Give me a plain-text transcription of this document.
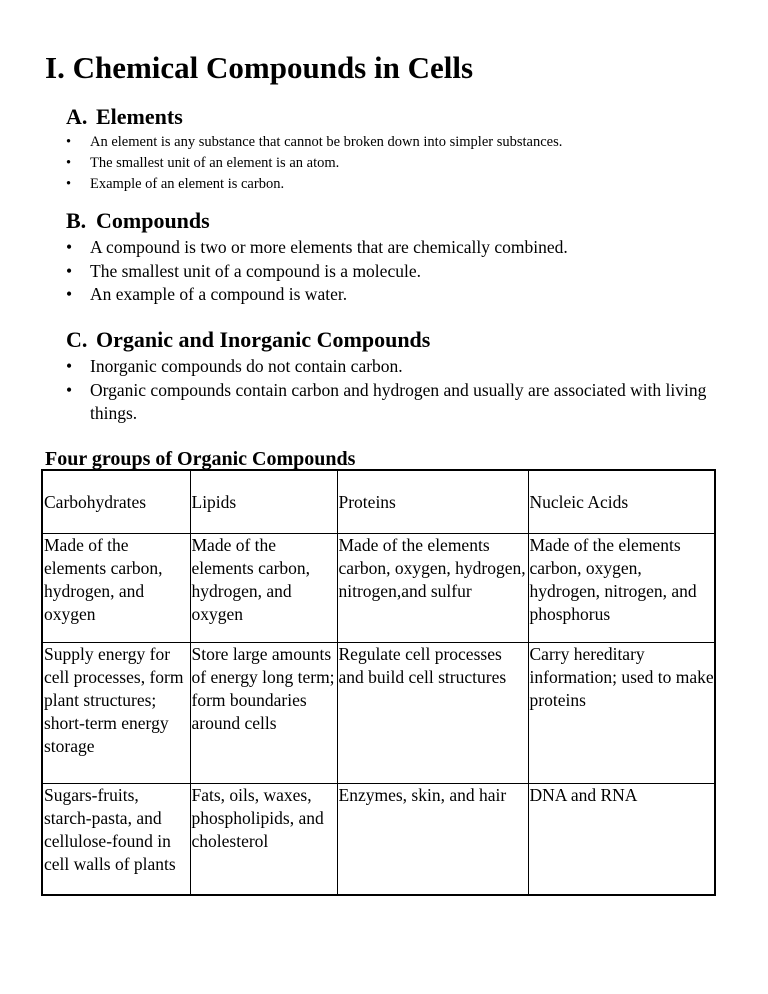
I. Chemical Compounds in Cells
A. Elements
• An element is any substance that cannot be broken down into simpler substances.
• The smallest unit of an element is an atom.
• Example of an element is carbon.
B. Compounds
• A compound is two or more elements that are chemically combined.
• The smallest unit of a compound is a molecule.
• An example of a compound is water.
C. Organic and Inorganic Compounds
• Inorganic compounds do not contain carbon.
• Organic compounds contain carbon and hydrogen and usually are associated with living things.
Four groups of Organic Compounds
Carbohydrates	Lipids	Proteins	Nucleic Acids
Made of the elements carbon, hydrogen, and oxygen	Made of the elements carbon, hydrogen, and oxygen	Made of the elements carbon, oxygen, hydrogen, nitrogen,and sulfur	Made of the elements carbon, oxygen, hydrogen, nitrogen, and phosphorus
Supply energy for cell processes, form plant structures; short-term energy storage	Store large amounts of energy long term; form boundaries around cells	Regulate cell processes and build cell structures	Carry hereditary information; used to make proteins
Sugars-fruits, starch-pasta, and cellulose-found in cell walls of plants	Fats, oils, waxes, phospholipids, and cholesterol	Enzymes, skin, and hair	DNA and RNA
